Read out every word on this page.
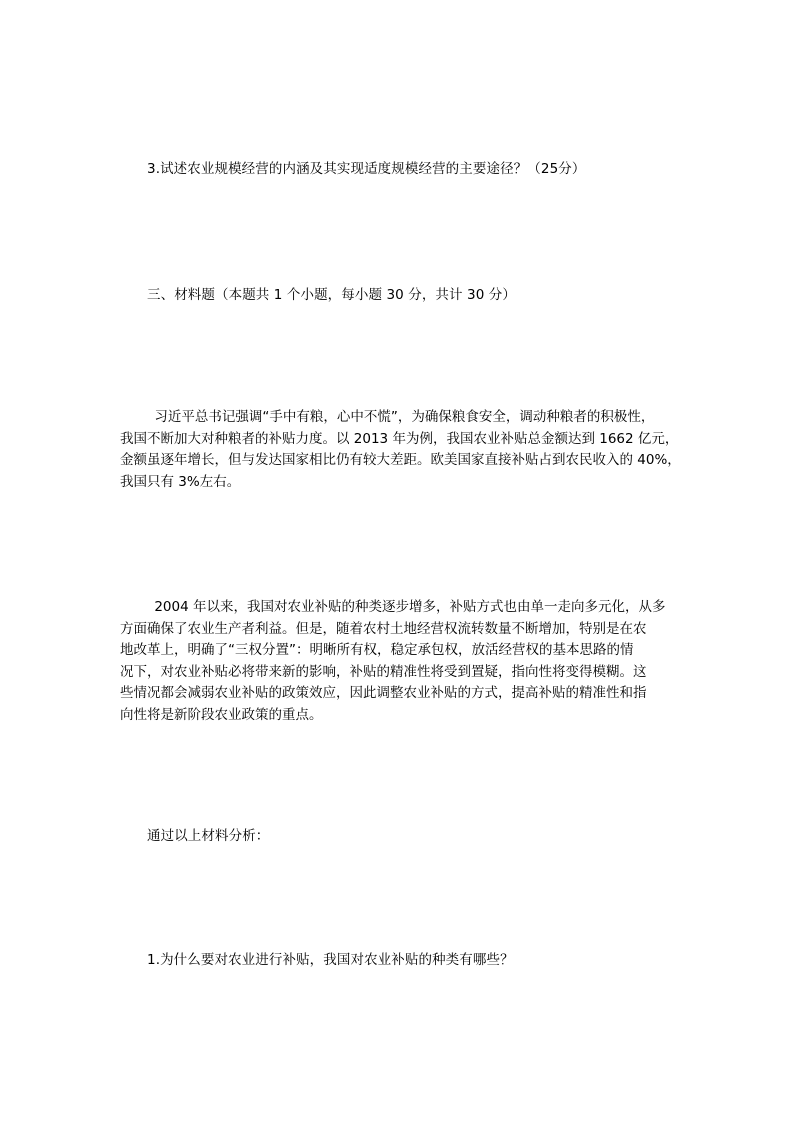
3.试述农业规模经营的内涵及其实现适度规模经营的主要途径？（25分）
三、材料题（本题共 1 个小题，每小题 30 分，共计 30 分）
习近平总书记强调“手中有粮，心中不慌”，为确保粮食安全，调动种粮者的积极性，
我国不断加大对种粮者的补贴力度。以 2013 年为例，我国农业补贴总金额达到 1662 亿元，
金额虽逐年增长，但与发达国家相比仍有较大差距。欧美国家直接补贴占到农民收入的 40%，
我国只有 3%左右。
2004 年以来，我国对农业补贴的种类逐步增多，补贴方式也由单一走向多元化，从多
方面确保了农业生产者利益。但是，随着农村土地经营权流转数量不断增加，特别是在农
地改革上，明确了“三权分置”：明晰所有权，稳定承包权，放活经营权的基本思路的情
况下，对农业补贴必将带来新的影响，补贴的精准性将受到置疑，指向性将变得模糊。这
些情况都会减弱农业补贴的政策效应，因此调整农业补贴的方式，提高补贴的精准性和指
向性将是新阶段农业政策的重点。
通过以上材料分析：
1.为什么要对农业进行补贴，我国对农业补贴的种类有哪些？
